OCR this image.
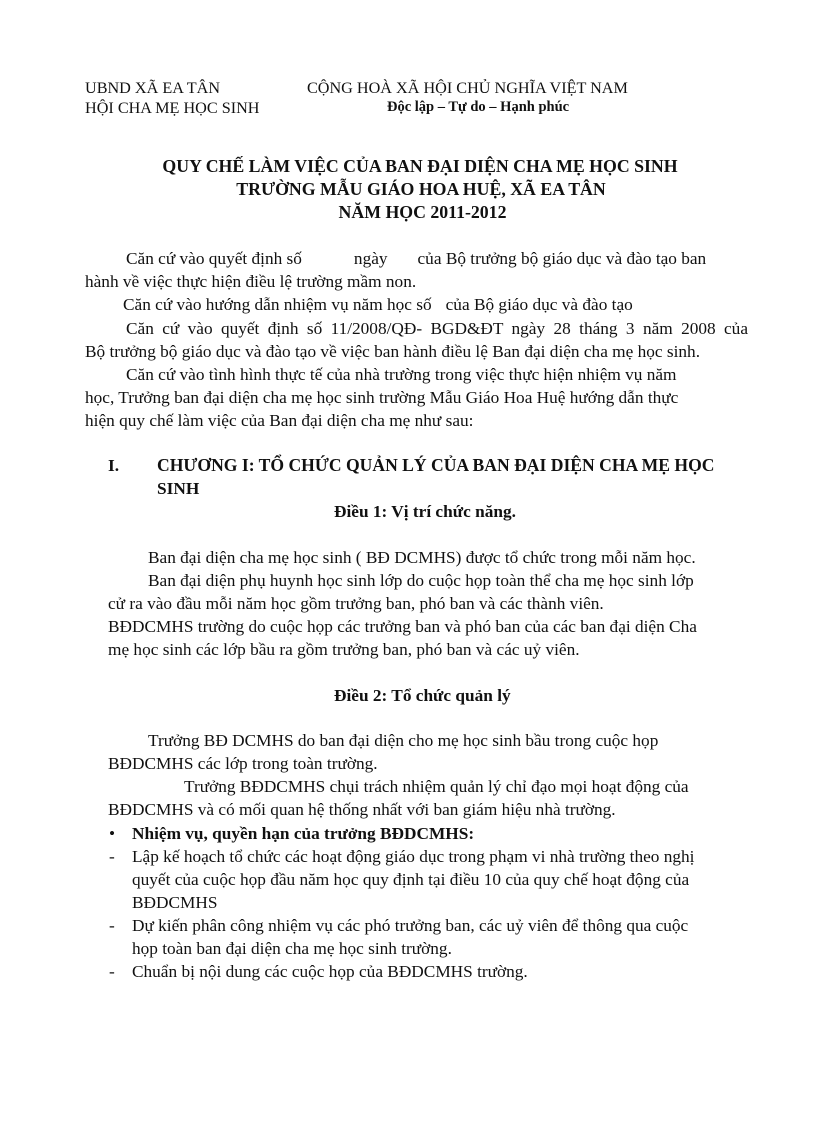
UBND XÃ EA TÂN
HỘI CHA MẸ HỌC SINH
CỘNG HOÀ XÃ HỘI CHỦ NGHĨA VIỆT NAM
Độc lập – Tự do – Hạnh phúc
QUY CHẾ LÀM VIỆC CỦA BAN ĐẠI DIỆN CHA MẸ HỌC SINH
TRƯỜNG MẪU GIÁO HOA HUỆ, XÃ EA TÂN
NĂM HỌC 2011-2012
Căn cứ vào quyết định số	ngày của Bộ trưởng bộ giáo dục và đào tạo ban
hành về việc thực hiện điều lệ trường mầm non.
Căn cứ vào hướng dẫn nhiệm vụ năm học số của Bộ giáo dục và đào tạo
Căn cứ vào quyết định số 11/2008/QĐ- BGD&ĐT ngày 28 tháng 3 năm 2008 của
Bộ trưởng bộ giáo dục và đào tạo về việc ban hành điều lệ Ban đại diện cha mẹ học sinh.
Căn cứ vào tình hình thực tế của nhà trường trong việc thực hiện nhiệm vụ năm
học, Trưởng ban đại diện cha mẹ học sinh trường Mẫu Giáo Hoa Huệ hướng dẫn thực
hiện quy chế làm việc của Ban đại diện cha mẹ như sau:
I. CHƯƠNG I: TỔ CHỨC QUẢN LÝ CỦA BAN ĐẠI DIỆN CHA MẸ HỌC
SINH
Điều 1: Vị trí chức năng.
Ban đại diện cha mẹ học sinh ( BĐ DCMHS) được tổ chức trong mỗi năm học.
Ban đại diện phụ huynh học sinh lớp do cuộc họp toàn thể cha mẹ học sinh lớp
cử ra vào đầu mỗi năm học gồm trưởng ban, phó ban và các thành viên.
BĐDCMHS trường do cuộc họp các trưởng ban và phó ban của các ban đại diện Cha
mẹ học sinh các lớp bầu ra gồm trưởng ban, phó ban và các uỷ viên.
Điều 2: Tổ chức quản lý
Trưởng BĐ DCMHS do ban đại diện cho mẹ học sinh bầu trong cuộc họp
BĐDCMHS các lớp trong toàn trường.
Trưởng BĐDCMHS chụi trách nhiệm quản lý chỉ đạo mọi hoạt động của
BĐDCMHS và có mối quan hệ thống nhất với ban giám hiệu nhà trường.
• Nhiệm vụ, quyền hạn của trưởng BĐDCMHS:
- Lập kế hoạch tổ chức các hoạt động giáo dục trong phạm vi nhà trường theo nghị
quyết của cuộc họp đầu năm học quy định tại điều 10 của quy chế hoạt động của
BĐDCMHS
- Dự kiến phân công nhiệm vụ các phó trưởng ban, các uỷ viên để thông qua cuộc
họp toàn ban đại diện cha mẹ học sinh trường.
- Chuẩn bị nội dung các cuộc họp của BĐDCMHS trường.
